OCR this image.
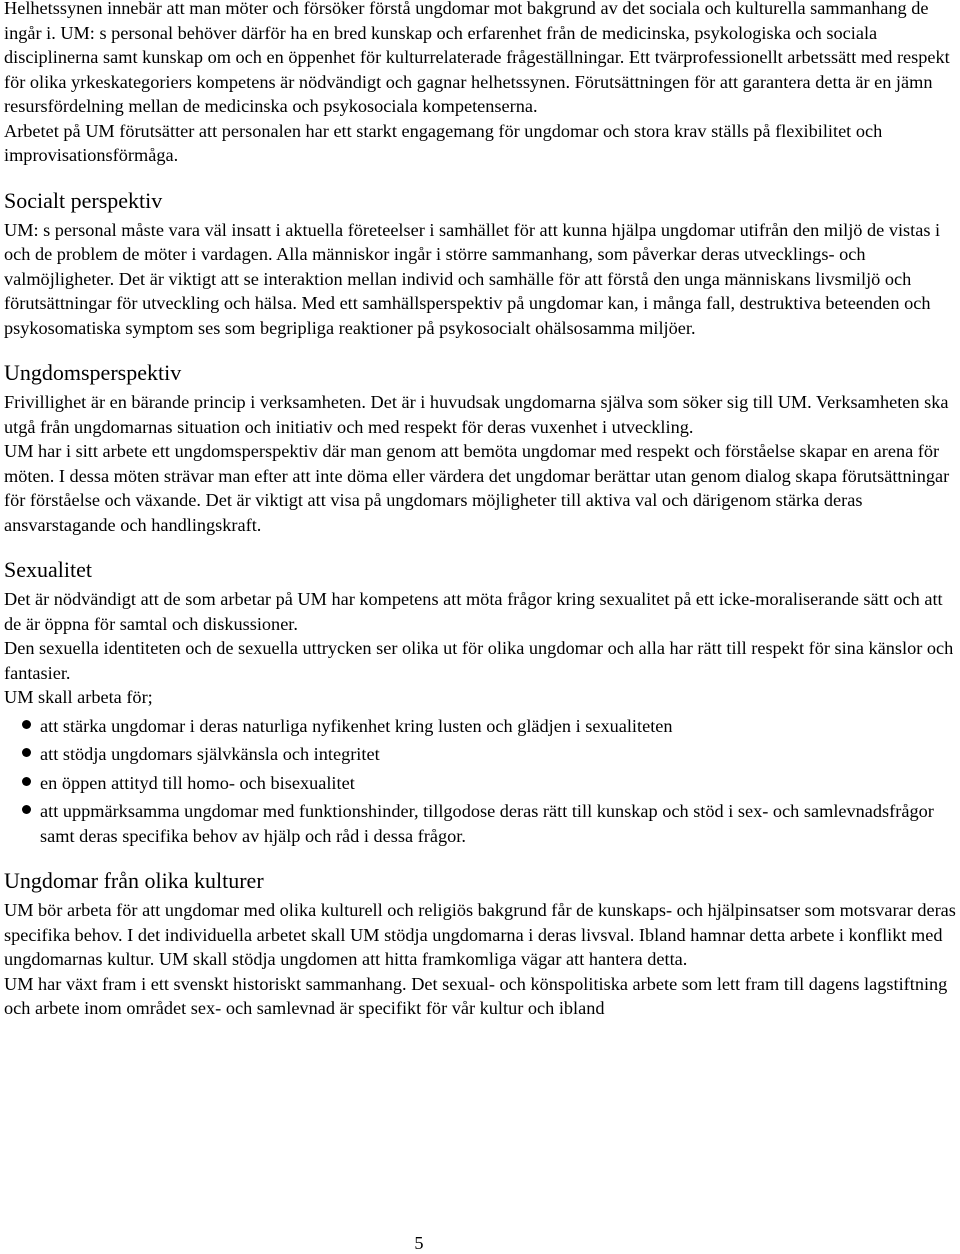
Helhetssynen innebär att man möter och försöker förstå ungdomar mot bakgrund av det sociala och kulturella sammanhang de ingår i. UM: s personal behöver därför ha en bred kunskap och erfarenhet från de medicinska, psykologiska och sociala disciplinerna samt kunskap om och en öppenhet för kulturrelaterade frågeställningar. Ett tvärprofessionellt arbetssätt med respekt för olika yrkeskategoriers kompetens är nödvändigt och gagnar helhetssynen. Förutsättningen för att garantera detta är en jämn resursfördelning mellan de medicinska och psykosociala kompetenserna.

Arbetet på UM förutsätter att personalen har ett starkt engagemang för ungdomar och stora krav ställs på flexibilitet och improvisationsförmåga.

Socialt perspektiv

UM: s personal måste vara väl insatt i aktuella företeelser i samhället för att kunna hjälpa ungdomar utifrån den miljö de vistas i och de problem de möter i vardagen. Alla människor ingår i större sammanhang, som påverkar deras utvecklings- och valmöjligheter. Det är viktigt att se interaktion mellan individ och samhälle för att förstå den unga människans livsmiljö och förutsättningar för utveckling och hälsa. Med ett samhällsperspektiv på ungdomar kan, i många fall, destruktiva beteenden och psykosomatiska symptom ses som begripliga reaktioner på psykosocialt ohälsosamma miljöer.

Ungdomsperspektiv

Frivillighet är en bärande princip i verksamheten. Det är i huvudsak ungdomarna själva som söker sig till UM. Verksamheten ska utgå från ungdomarnas situation och initiativ och med respekt för deras vuxenhet i utveckling.

UM har i sitt arbete ett ungdomsperspektiv där man genom att bemöta ungdomar med respekt och förståelse skapar en arena för möten. I dessa möten strävar man efter att inte döma eller värdera det ungdomar berättar utan genom dialog skapa förutsättningar för förståelse och växande. Det är viktigt att visa på ungdomars möjligheter till aktiva val och därigenom stärka deras ansvarstagande och handlingskraft.

Sexualitet

Det är nödvändigt att de som arbetar på UM har kompetens att möta frågor kring sexualitet på ett icke-moraliserande sätt och att de är öppna för samtal och diskussioner.

Den sexuella identiteten och de sexuella uttrycken ser olika ut för olika ungdomar och alla har rätt till respekt för sina känslor och fantasier.

UM skall arbeta för;

att stärka ungdomar i deras naturliga nyfikenhet kring lusten och glädjen i sexualiteten
att stödja ungdomars självkänsla och integritet
en öppen attityd till homo- och bisexualitet
att uppmärksamma ungdomar med funktionshinder, tillgodose deras rätt till kunskap och stöd i sex- och samlevnadsfrågor samt deras specifika behov av hjälp och råd i dessa frågor.
Ungdomar från olika kulturer

UM bör arbeta för att ungdomar med olika kulturell och religiös bakgrund får de kunskaps- och hjälpinsatser som motsvarar deras specifika behov. I det individuella arbetet skall UM stödja ungdomarna i deras livsval. Ibland hamnar detta arbete i konflikt med ungdomarnas kultur. UM skall stödja ungdomen att hitta framkomliga vägar att hantera detta.

UM har växt fram i ett svenskt historiskt sammanhang. Det sexual- och könspolitiska arbete som lett fram till dagens lagstiftning och arbete inom området sex- och samlevnad är specifikt för vår kultur och ibland

5
